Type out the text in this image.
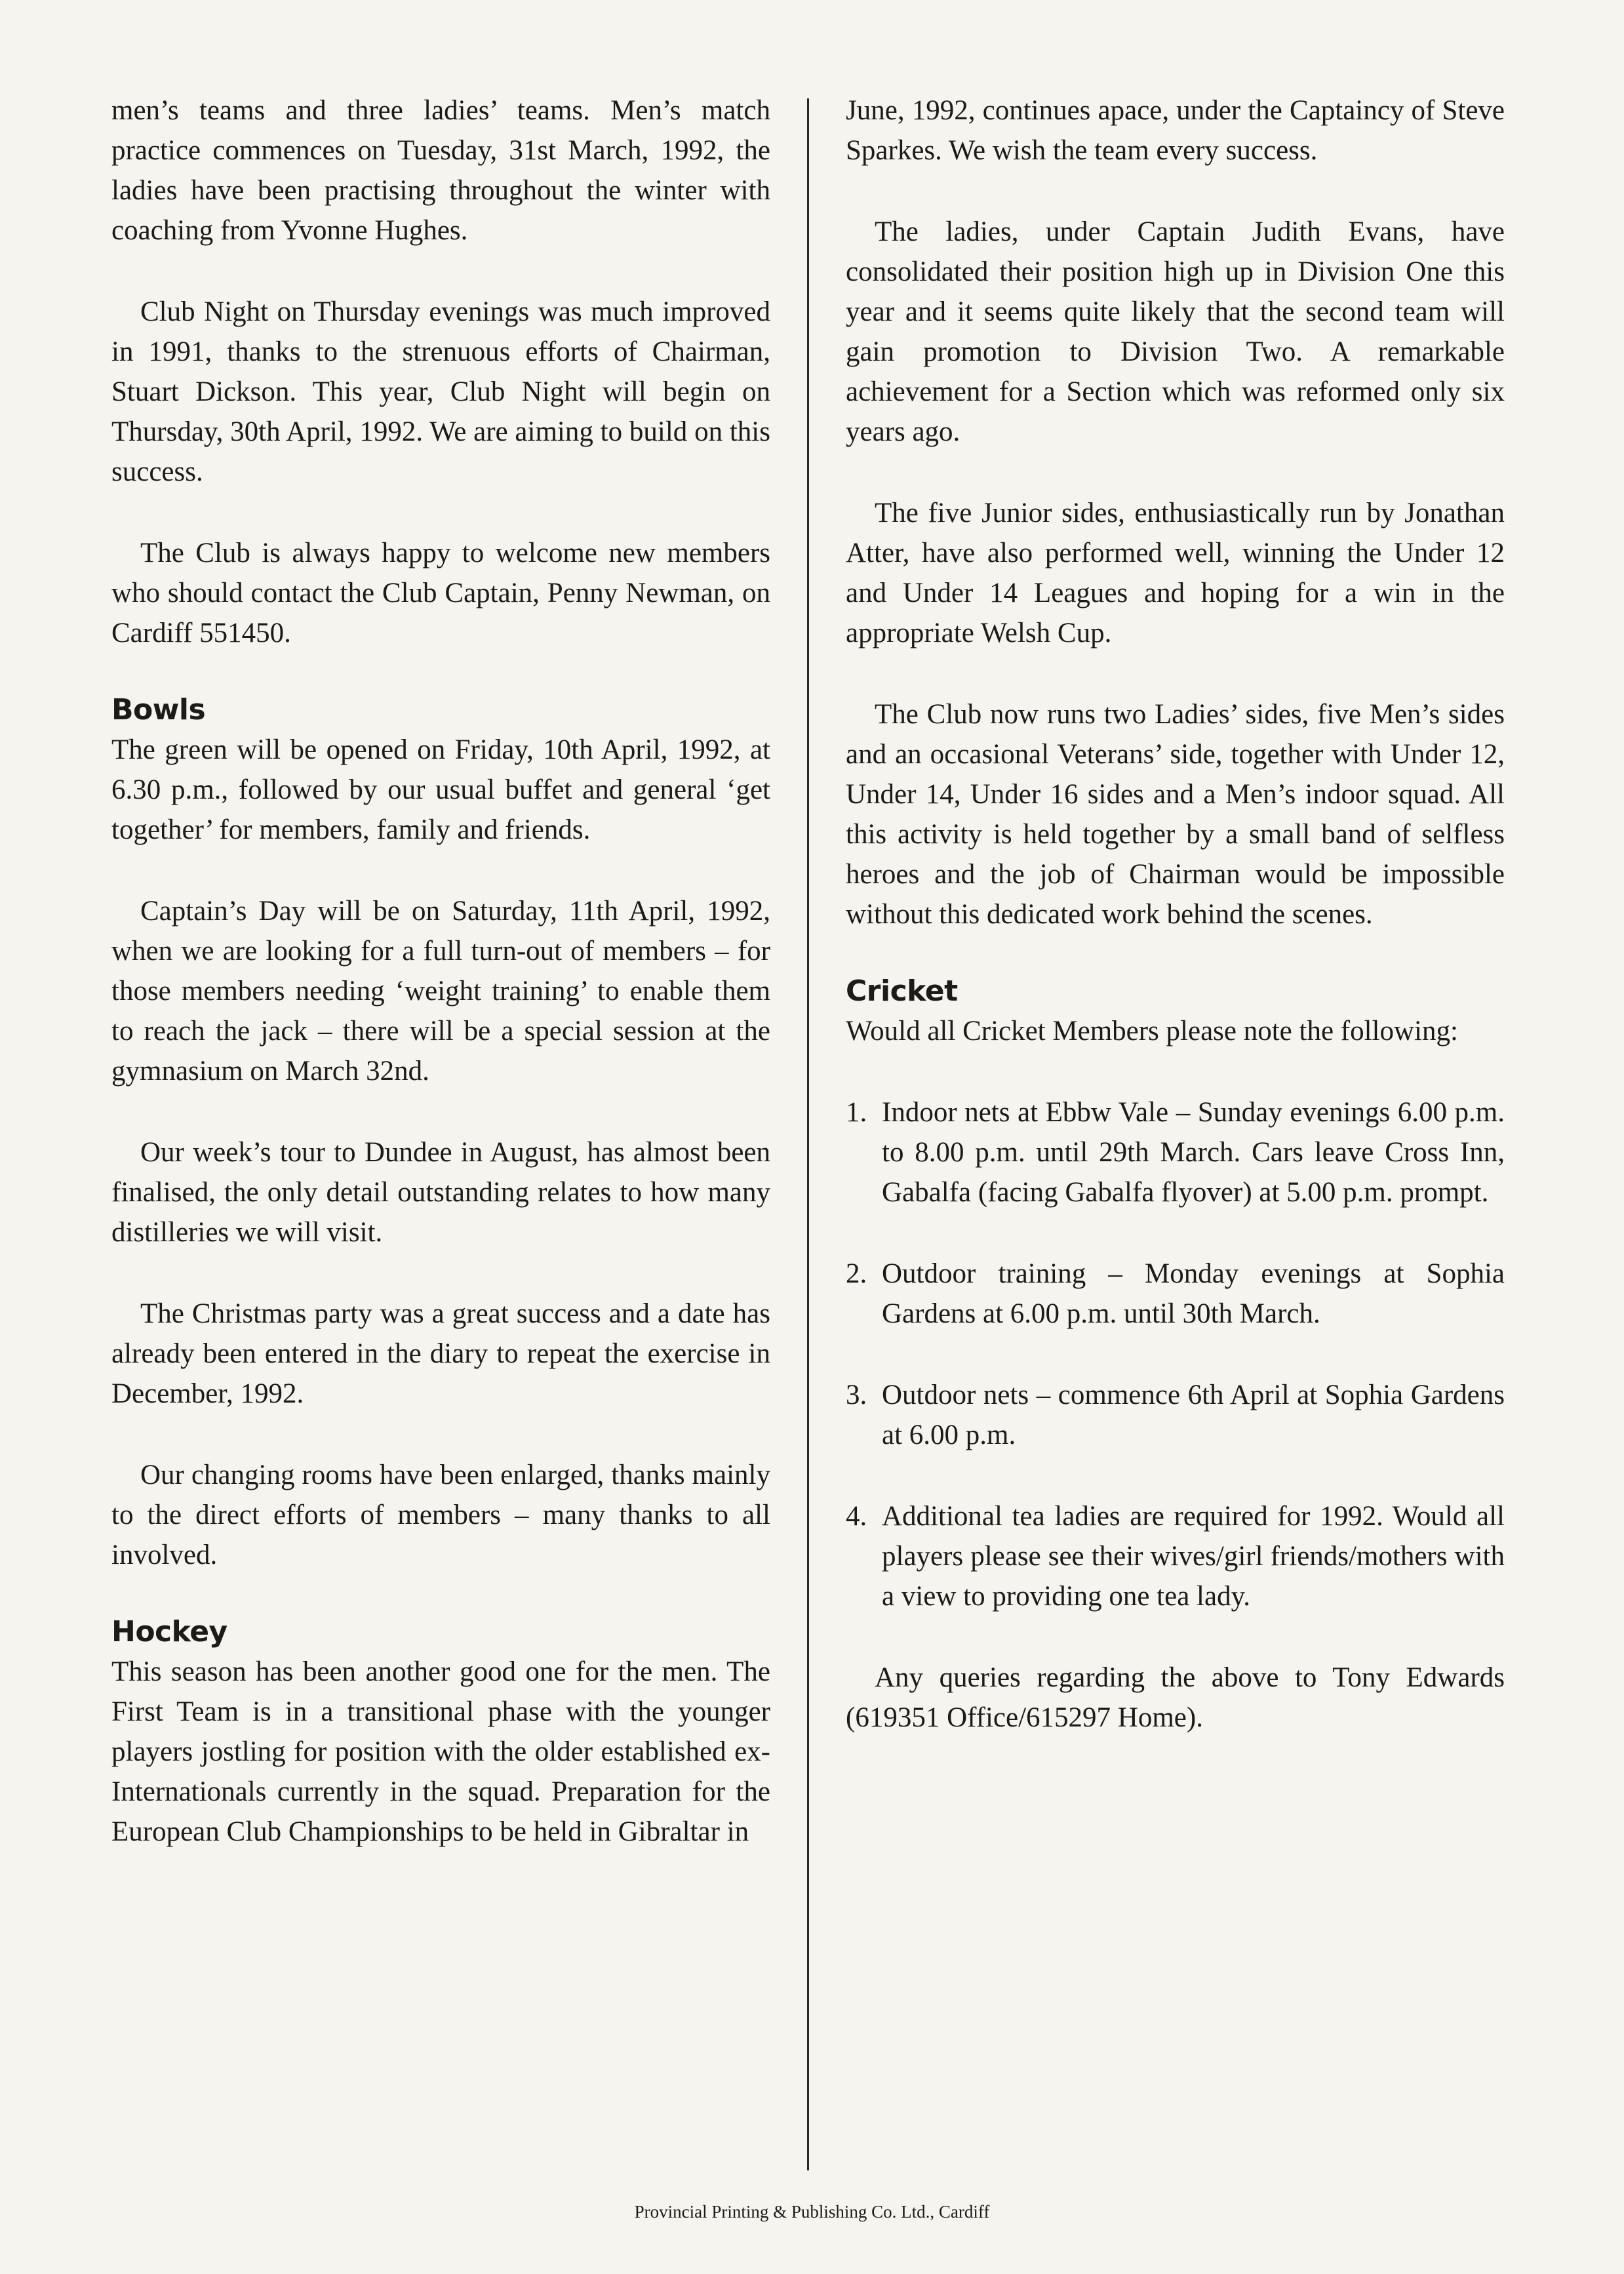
men’s teams and three ladies’ teams. Men’s match practice commences on Tuesday, 31st March, 1992, the ladies have been practising throughout the winter with coaching from Yvonne Hughes.

Club Night on Thursday evenings was much improved in 1991, thanks to the strenuous efforts of Chairman, Stuart Dickson. This year, Club Night will begin on Thursday, 30th April, 1992. We are aiming to build on this success.

The Club is always happy to welcome new members who should contact the Club Captain, Penny Newman, on Cardiff 551450.

Bowls

The green will be opened on Friday, 10th April, 1992, at 6.30 p.m., followed by our usual buffet and general ‘get together’ for members, family and friends.

Captain’s Day will be on Saturday, 11th April, 1992, when we are looking for a full turn-out of members – for those members needing ‘weight training’ to enable them to reach the jack – there will be a special session at the gymnasium on March 32nd.

Our week’s tour to Dundee in August, has almost been finalised, the only detail outstanding relates to how many distilleries we will visit.

The Christmas party was a great success and a date has already been entered in the diary to repeat the exercise in December, 1992.

Our changing rooms have been enlarged, thanks mainly to the direct efforts of members – many thanks to all involved.

Hockey

This season has been another good one for the men. The First Team is in a transitional phase with the younger players jostling for position with the older established ex-Internationals currently in the squad. Preparation for the European Club Championships to be held in Gibraltar in

June, 1992, continues apace, under the Captaincy of Steve Sparkes. We wish the team every success.

The ladies, under Captain Judith Evans, have consolidated their position high up in Division One this year and it seems quite likely that the second team will gain promotion to Division Two. A remarkable achievement for a Section which was reformed only six years ago.

The five Junior sides, enthusiastically run by Jonathan Atter, have also performed well, winning the Under 12 and Under 14 Leagues and hoping for a win in the appropriate Welsh Cup.

The Club now runs two Ladies’ sides, five Men’s sides and an occasional Veterans’ side, together with Under 12, Under 14, Under 16 sides and a Men’s indoor squad. All this activity is held together by a small band of selfless heroes and the job of Chairman would be impossible without this dedicated work behind the scenes.

Cricket

Would all Cricket Members please note the following:

1. Indoor nets at Ebbw Vale – Sunday evenings 6.00 p.m. to 8.00 p.m. until 29th March. Cars leave Cross Inn, Gabalfa (facing Gabalfa flyover) at 5.00 p.m. prompt.
2. Outdoor training – Monday evenings at Sophia Gardens at 6.00 p.m. until 30th March.
3. Outdoor nets – commence 6th April at Sophia Gardens at 6.00 p.m.
4. Additional tea ladies are required for 1992. Would all players please see their wives/girl friends/mothers with a view to providing one tea lady.

Any queries regarding the above to Tony Edwards (619351 Office/615297 Home).

Provincial Printing & Publishing Co. Ltd., Cardiff
